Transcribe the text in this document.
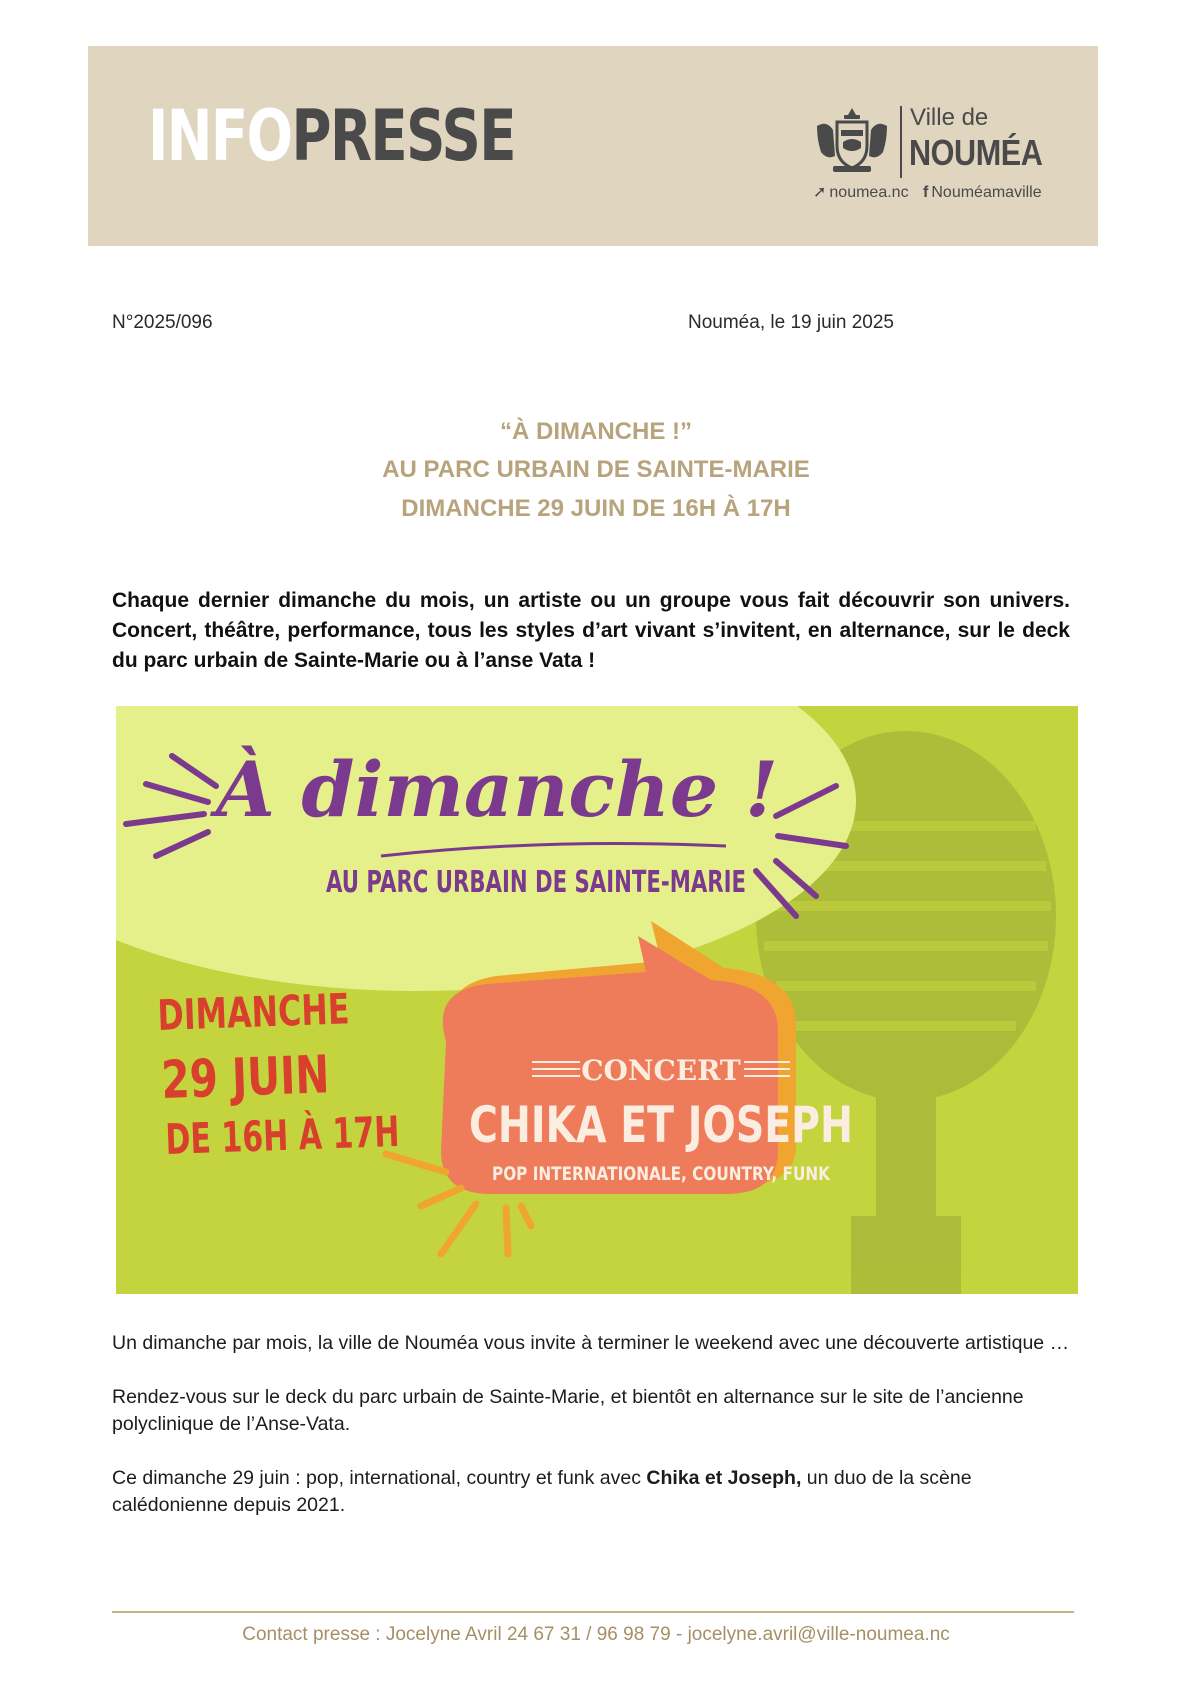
INFOPRESSE	Ville de
NOUMÉA
➚ noumea.nc f Nouméamaville
N°2025/096	Nouméa, le 19 juin 2025
“À DIMANCHE !”
AU PARC URBAIN DE SAINTE-MARIE
DIMANCHE 29 JUIN DE 16H À 17H
Chaque dernier dimanche du mois, un artiste ou un groupe vous fait découvrir son univers. Concert, théâtre, performance, tous les styles d’art vivant s’invitent, en alternance, sur le deck du parc urbain de Sainte-Marie ou à l’anse Vata !
À dimanche !
AU PARC URBAIN DE SAINTE-MARIE
CONCERT
CHIKA ET JOSEPH
POP INTERNATIONALE, COUNTRY, FUNK
DIMANCHE
29 JUIN
DE 16H À 17H
Un dimanche par mois, la ville de Nouméa vous invite à terminer le weekend avec une découverte artistique …
Rendez-vous sur le deck du parc urbain de Sainte-Marie, et bientôt en alternance sur le site de l’ancienne polyclinique de l’Anse-Vata.
Ce dimanche 29 juin : pop, international, country et funk avec Chika et Joseph, un duo de la scène calédonienne depuis 2021.
Contact presse : Jocelyne Avril 24 67 31 / 96 98 79 - jocelyne.avril@ville-noumea.nc
